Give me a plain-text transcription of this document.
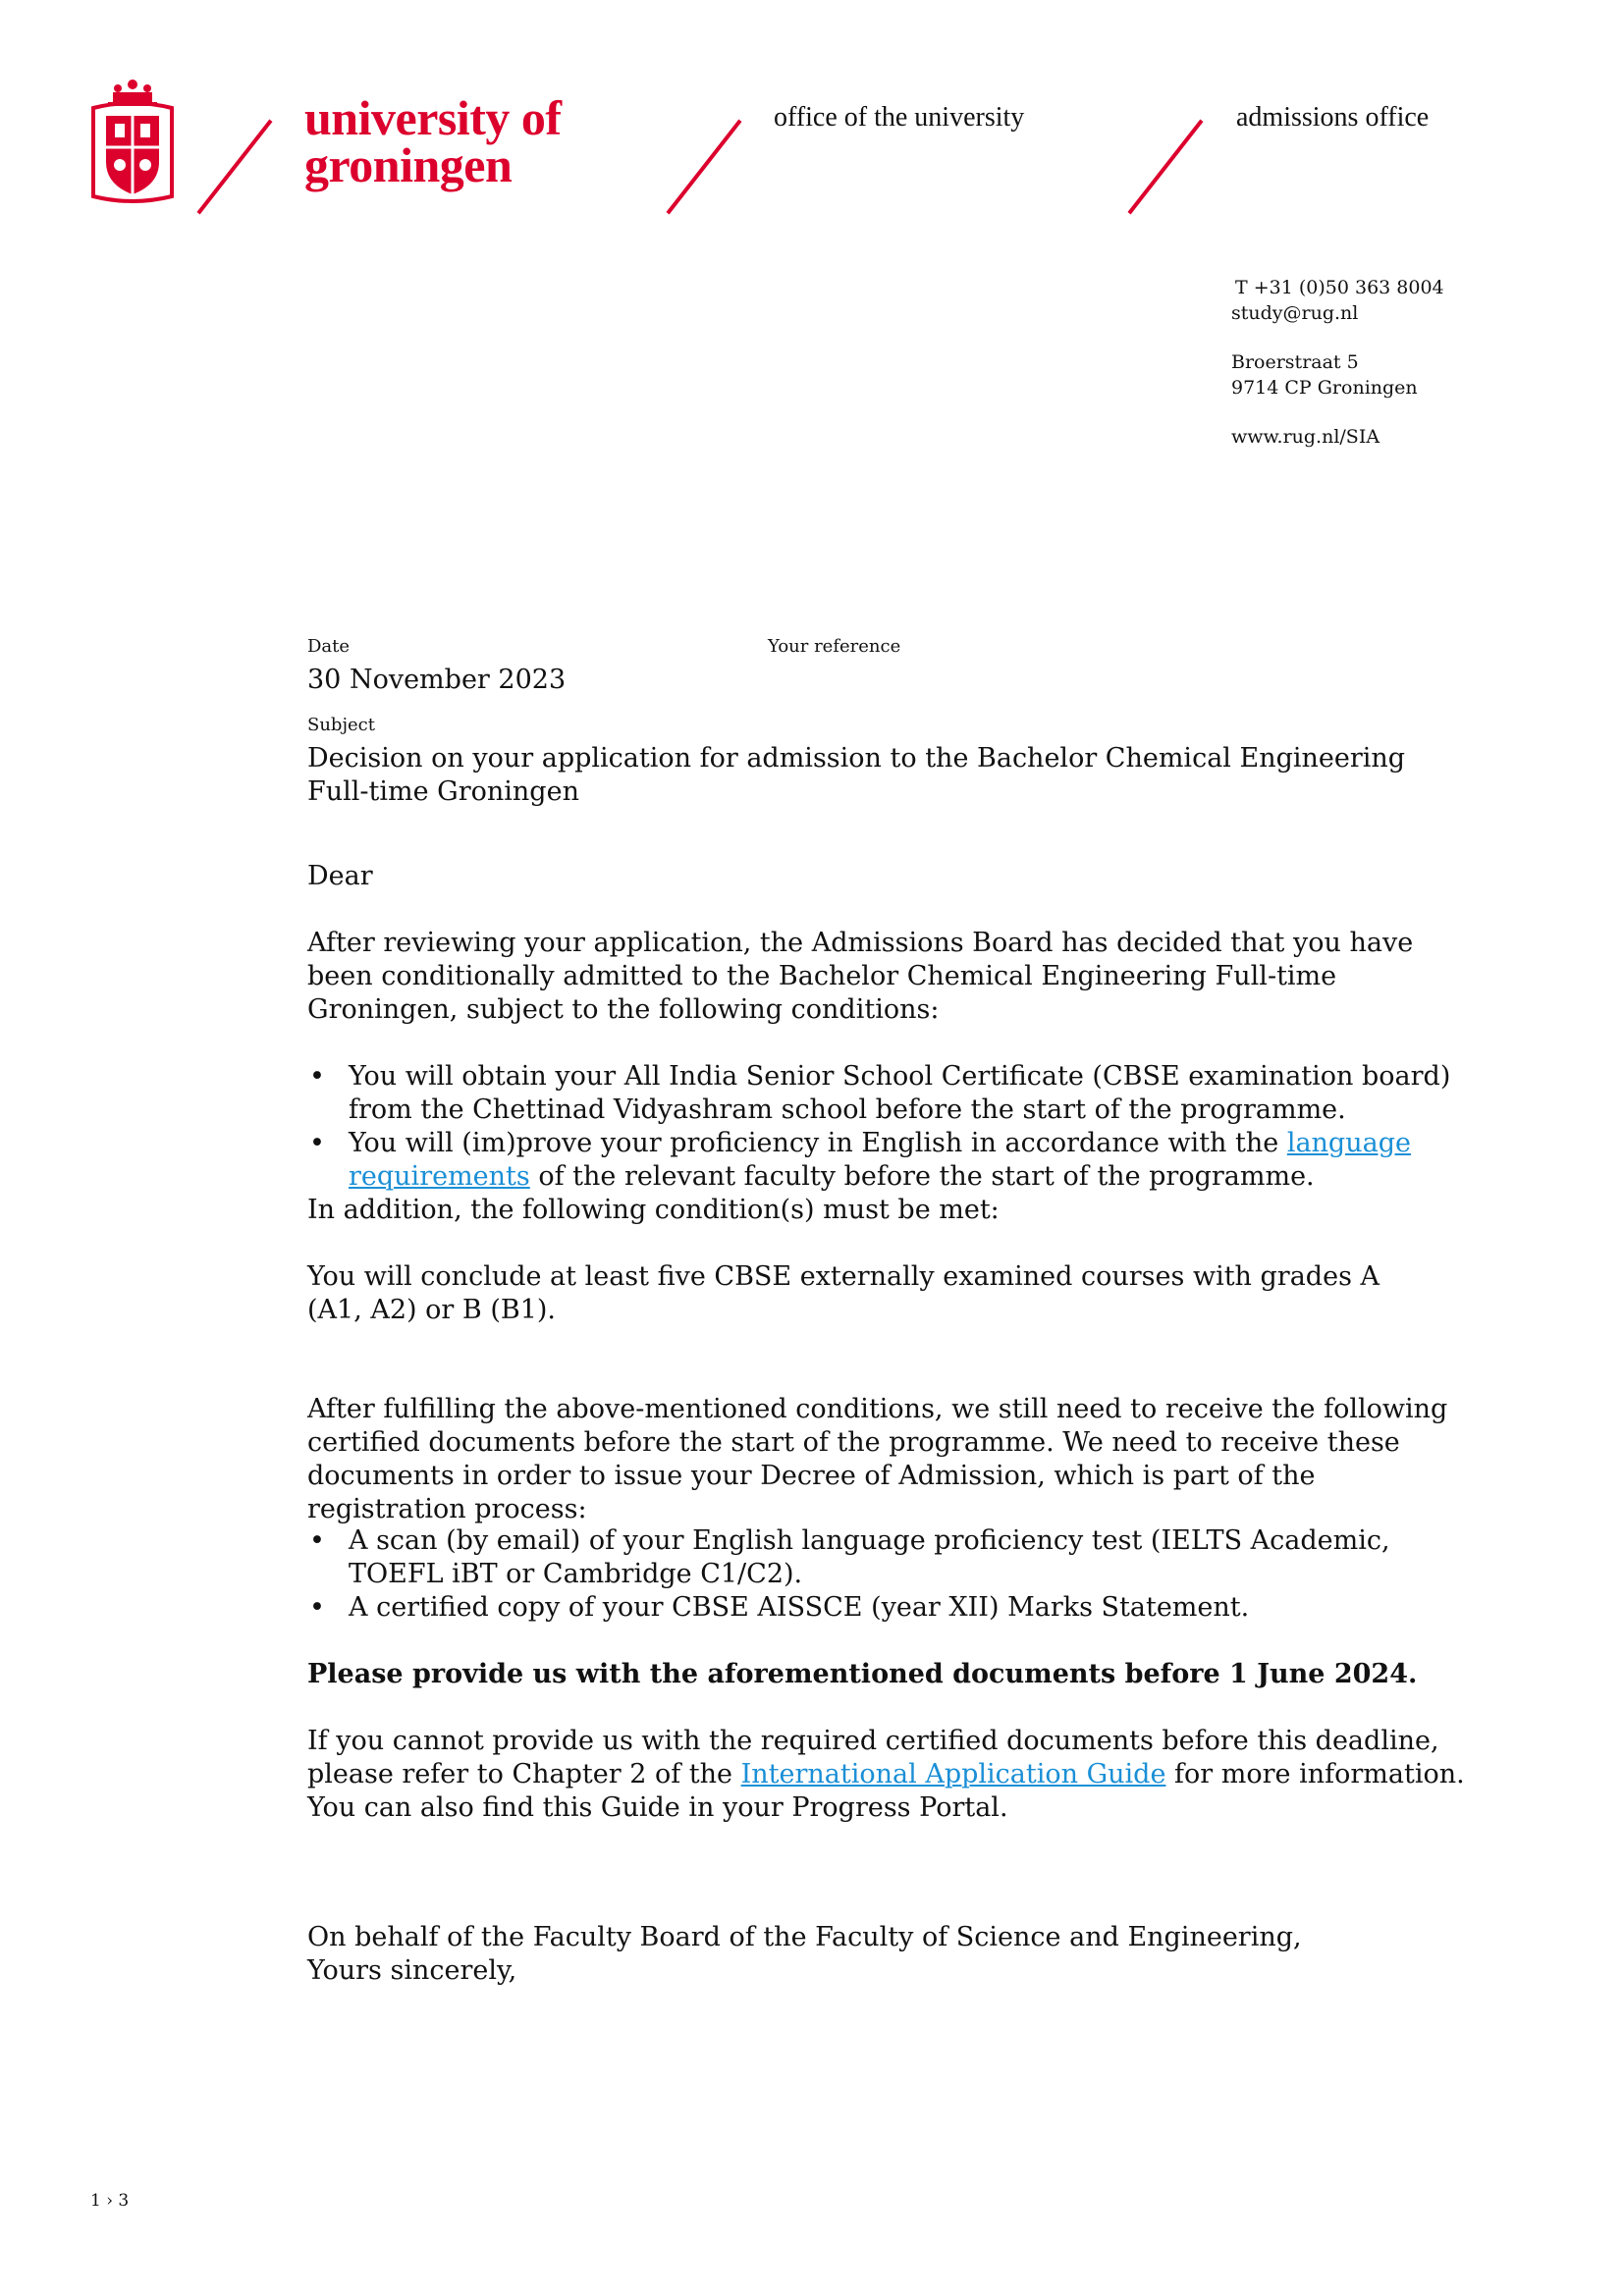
university of
groningen
office of the university	admissions office
T +31 (0)50 363 8004
study@rug.nl
Broerstraat 5
9714 CP Groningen
www.rug.nl/SIA
Date	Your reference
30 November 2023
Subject

Decision on your application for admission to the Bachelor Chemical Engineering Full-time Groningen

Dear

After reviewing your application, the Admissions Board has decided that you have been conditionally admitted to the Bachelor Chemical Engineering Full-time Groningen, subject to the following conditions:

• You will obtain your All India Senior School Certificate (CBSE examination board) from the Chettinad Vidyashram school before the start of the programme.
• You will (im)prove your proficiency in English in accordance with the language requirements of the relevant faculty before the start of the programme.

In addition, the following condition(s) must be met:

You will conclude at least five CBSE externally examined courses with grades A (A1, A2) or B (B1).

After fulfilling the above-mentioned conditions, we still need to receive the following certified documents before the start of the programme. We need to receive these documents in order to issue your Decree of Admission, which is part of the registration process:

• A scan (by email) of your English language proficiency test (IELTS Academic, TOEFL iBT or Cambridge C1/C2).
• A certified copy of your CBSE AISSCE (year XII) Marks Statement.

Please provide us with the aforementioned documents before 1 June 2024.

If you cannot provide us with the required certified documents before this deadline, please refer to Chapter 2 of the International Application Guide for more information. You can also find this Guide in your Progress Portal.

On behalf of the Faculty Board of the Faculty of Science and Engineering,

Yours sincerely,

1 › 3
